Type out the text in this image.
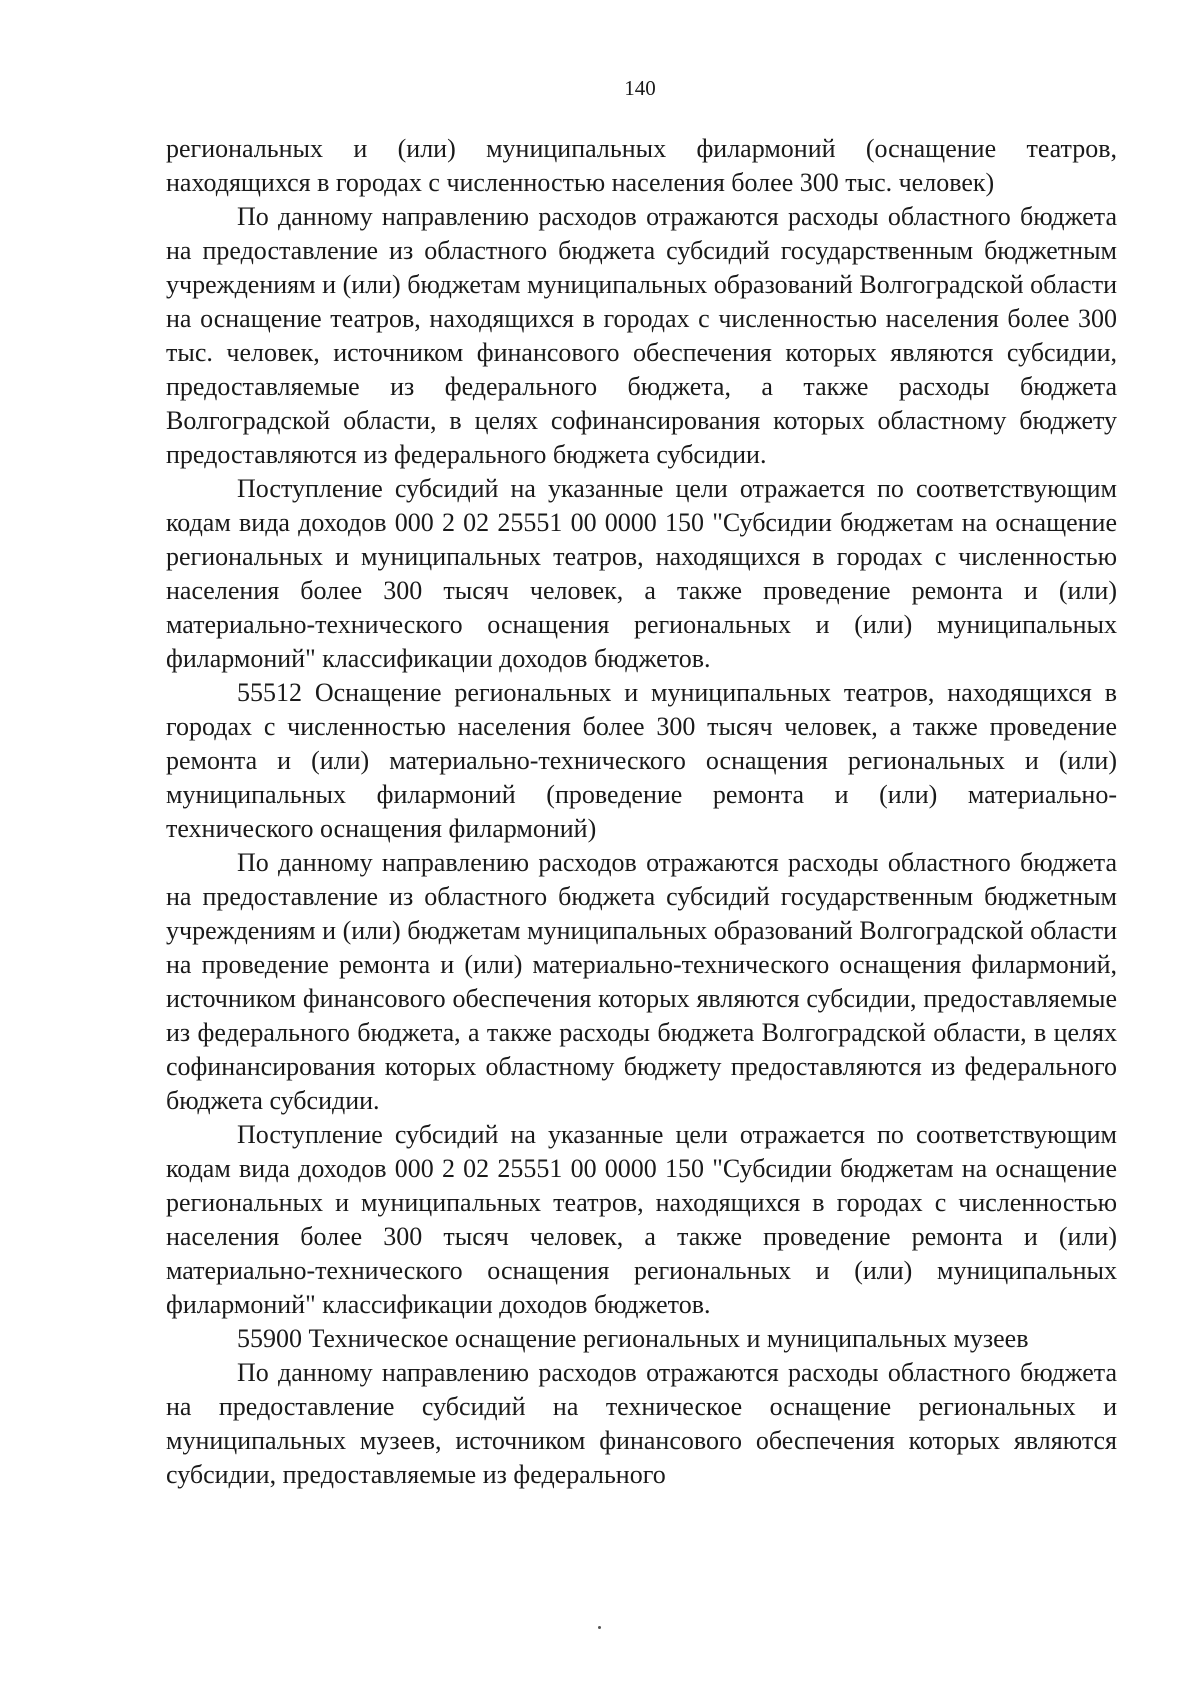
140

региональных и (или) муниципальных филармоний (оснащение театров, находящихся в городах с численностью населения более 300 тыс. человек)

По данному направлению расходов отражаются расходы областного бюджета на предоставление из областного бюджета субсидий государственным бюджетным учреждениям и (или) бюджетам муниципальных образований Волгоградской области на оснащение театров, находящихся в городах с численностью населения более 300 тыс. человек, источником финансового обеспечения которых являются субсидии, предоставляемые из федерального бюджета, а также расходы бюджета Волгоградской области, в целях софинансирования которых областному бюджету предоставляются из федерального бюджета субсидии.

Поступление субсидий на указанные цели отражается по соответствующим кодам вида доходов 000 2 02 25551 00 0000 150 "Субсидии бюджетам на оснащение региональных и муниципальных театров, находящихся в городах с численностью населения более 300 тысяч человек, а также проведение ремонта и (или) материально-технического оснащения региональных и (или) муниципальных филармоний" классификации доходов бюджетов.

55512 Оснащение региональных и муниципальных театров, находящихся в городах с численностью населения более 300 тысяч человек, а также проведение ремонта и (или) материально-технического оснащения региональных и (или) муниципальных филармоний (проведение ремонта и (или) материально-технического оснащения филармоний)

По данному направлению расходов отражаются расходы областного бюджета на предоставление из областного бюджета субсидий государственным бюджетным учреждениям и (или) бюджетам муниципальных образований Волгоградской области на проведение ремонта и (или) материально-технического оснащения филармоний, источником финансового обеспечения которых являются субсидии, предоставляемые из федерального бюджета, а также расходы бюджета Волгоградской области, в целях софинансирования которых областному бюджету предоставляются из федерального бюджета субсидии.

Поступление субсидий на указанные цели отражается по соответствующим кодам вида доходов 000 2 02 25551 00 0000 150 "Субсидии бюджетам на оснащение региональных и муниципальных театров, находящихся в городах с численностью населения более 300 тысяч человек, а также проведение ремонта и (или) материально-технического оснащения региональных и (или) муниципальных филармоний" классификации доходов бюджетов.

55900 Техническое оснащение региональных и муниципальных музеев

По данному направлению расходов отражаются расходы областного бюджета на предоставление субсидий на техническое оснащение региональных и муниципальных музеев, источником финансового обеспечения которых являются субсидии, предоставляемые из федерального
